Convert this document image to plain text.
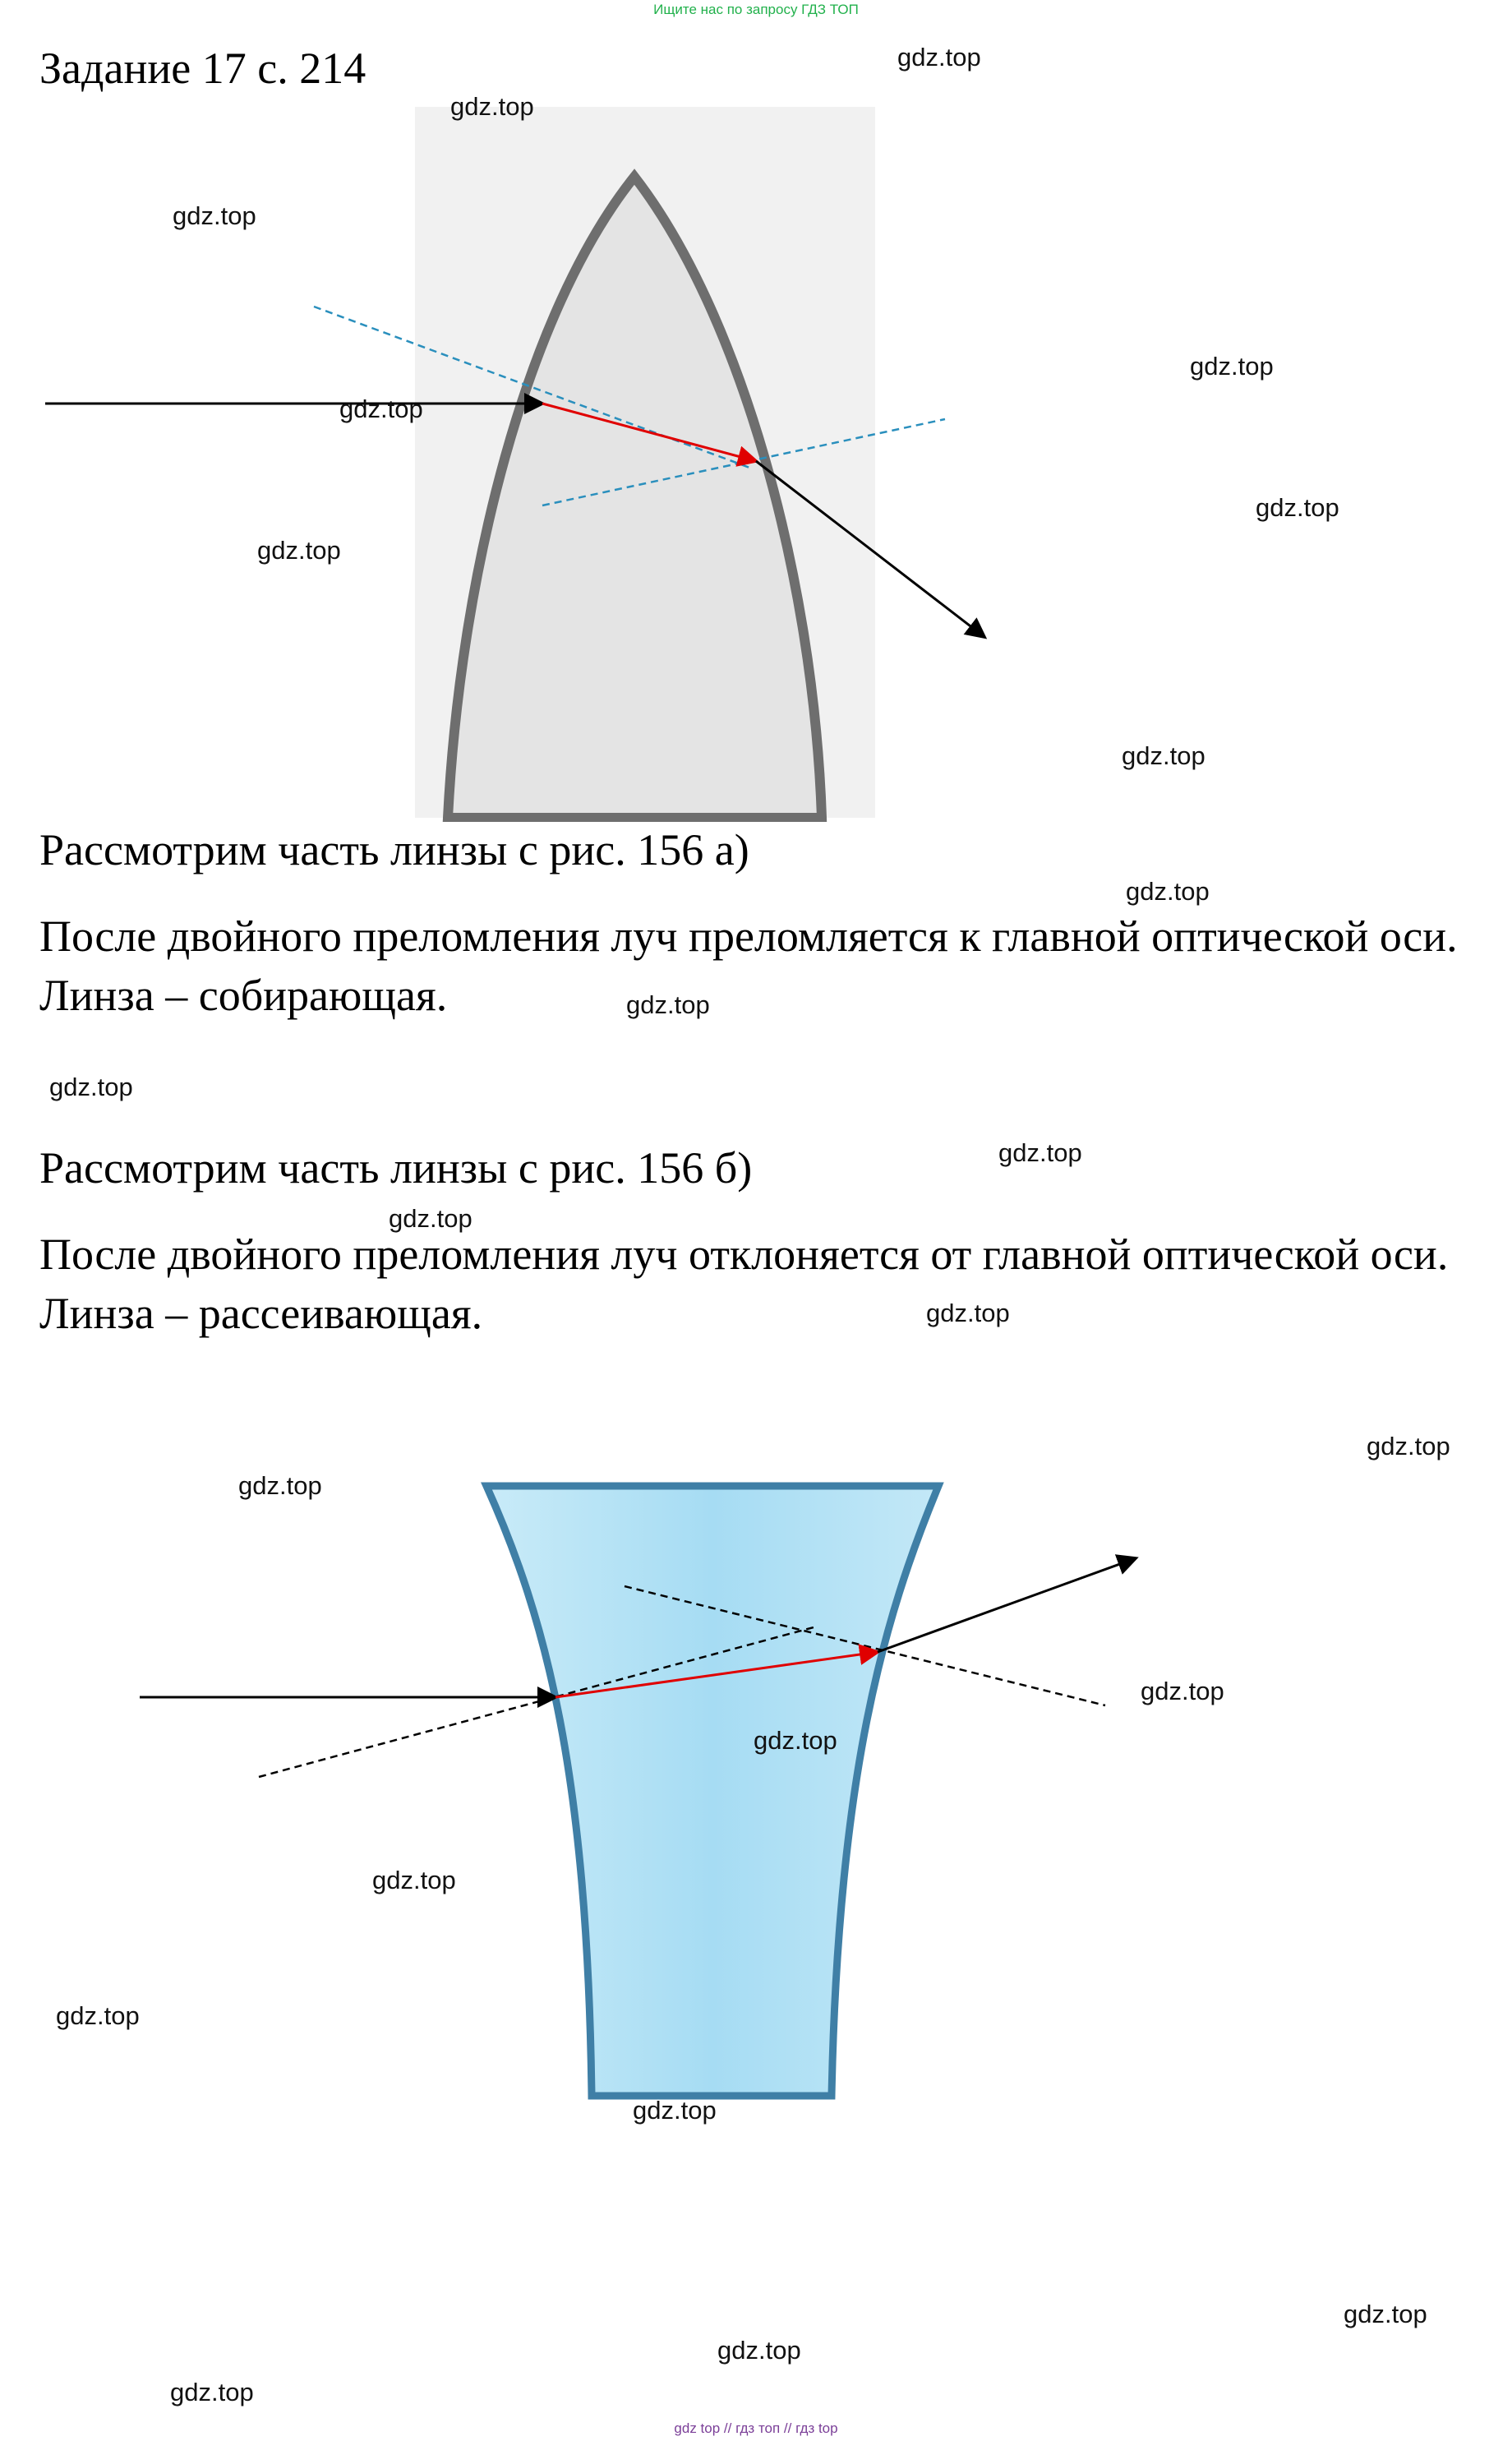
Ищите нас по запросу ГДЗ ТОП
Задание 17 с. 214
Рассмотрим часть линзы с рис. 156 а)
После двойного преломления луч преломляется к главной оптической оси. Линза – собирающая.
Рассмотрим часть линзы с рис. 156 б)
После двойного преломления луч отклоняется от главной оптической оси. Линза – рассеивающая.
gdz.top
gdz.top
gdz.top
gdz.top
gdz.top
gdz.top
gdz.top
gdz.top
gdz.top
gdz.top
gdz.top
gdz.top
gdz.top
gdz.top
gdz.top
gdz.top
gdz.top
gdz.top
gdz.top
gdz.top
gdz.top
gdz.top
gdz.top
gdz.top
gdz top // гдз топ // гдз top
